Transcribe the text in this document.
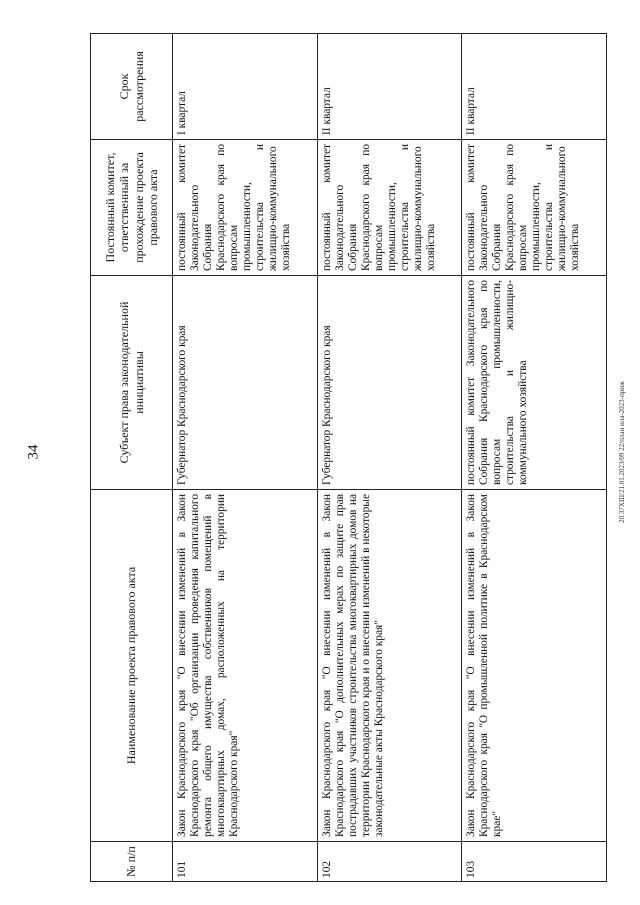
34	20.37ХШ/21.01.2023/09 22/план ила-2023-приж
№ п/п	Наименование проекта правового акта	Субъект права законодательной инициативы	Постоянный комитет, ответственный за прохождение проекта правового акта	Срок рассмотрения
101	Закон Краснодарского края "О внесении изменений в Закон Краснодарского края "Об организации проведения капитального ремонта общего имущества собственников помещений в многоквартирных домах, расположенных на территории Краснодарского края"	Губернатор Краснодарского края	постоянный комитет Законодательного Собрания Краснодарского края по вопросам промышленности, строительства и жилищно-коммунального хозяйства	I квартал
102	Закон Краснодарского края "О внесении изменений в Закон Краснодарского края "О дополнительных мерах по защите прав пострадавших участников строительства многоквартирных домов на территории Краснодарского края и о внесении изменений в некоторые законодательные акты Краснодарского края"	Губернатор Краснодарского края	постоянный комитет Законодательного Собрания Краснодарского края по вопросам промышленности, строительства и жилищно-коммунального хозяйства	II квартал
103	Закон Краснодарского края "О внесении изменений в Закон Краснодарского края "О промышленной политике в Краснодарском крае"	постоянный комитет Законодательного Собрания Краснодарского края по вопросам промышленности, строительства и жилищно-коммунального хозяйства	постоянный комитет Законодательного Собрания Краснодарского края по вопросам промышленности, строительства и жилищно-коммунального хозяйства	II квартал
